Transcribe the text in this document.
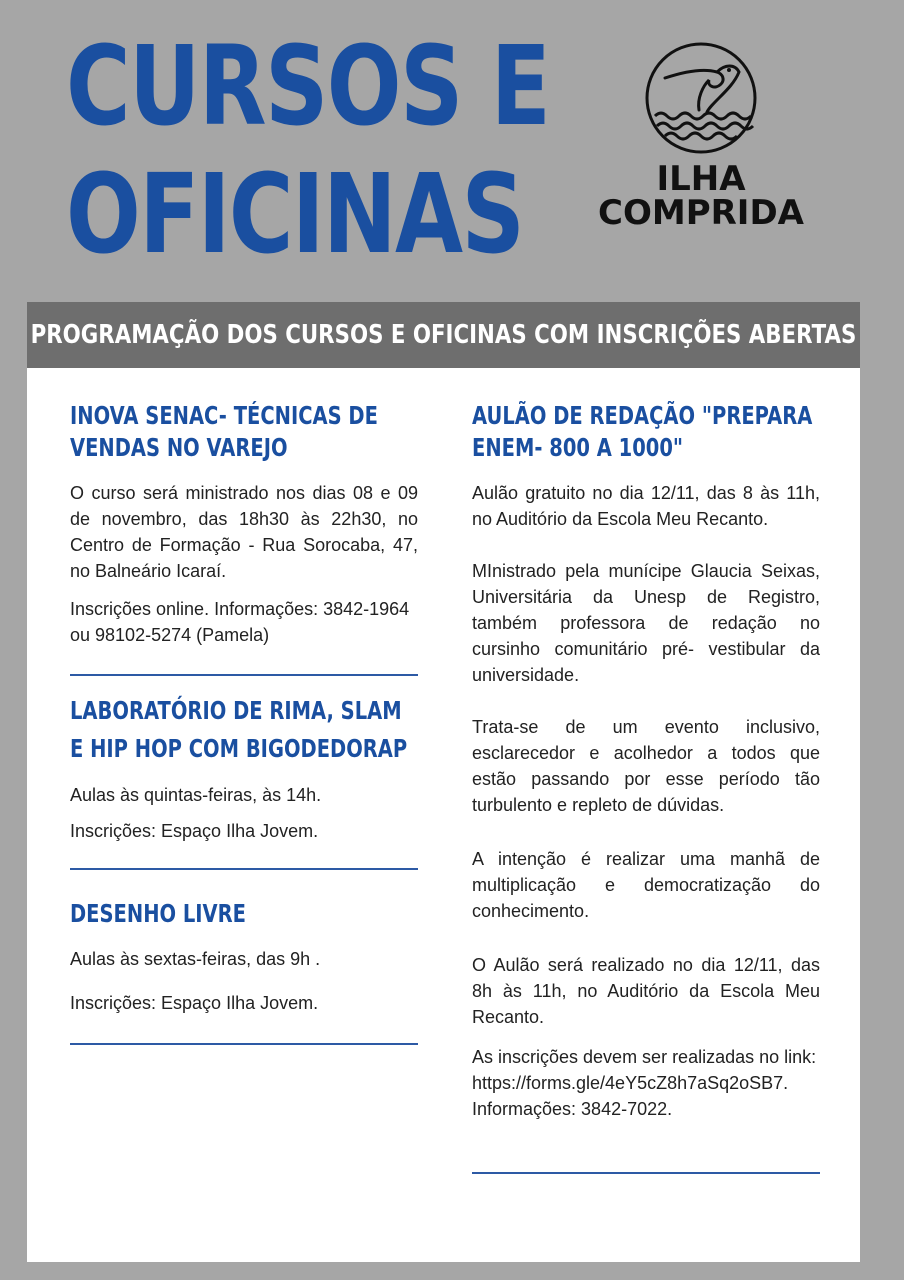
CURSOS E
OFICINAS	ILHA
COMPRIDA
PROGRAMAÇÃO DOS CURSOS E OFICINAS COM INSCRIÇÕES ABERTAS
INOVA SENAC- TÉCNICAS DE VENDAS NO VAREJO

O curso será ministrado nos dias 08 e 09 de novembro, das 18h30 às 22h30, no Centro de Formação - Rua Sorocaba, 47, no Balneário Icaraí.

Inscrições online. Informações: 3842-1964 ou 98102-5274 (Pamela)

LABORATÓRIO DE RIMA, SLAM E HIP HOP COM BIGODEDORAP

Aulas às quintas-feiras, às 14h.

Inscrições: Espaço Ilha Jovem.

DESENHO LIVRE

Aulas às sextas-feiras, das 9h .

Inscrições: Espaço Ilha Jovem.

AULÃO DE REDAÇÃO "PREPARA ENEM- 800 A 1000"

Aulão gratuito no dia 12/11, das 8 às 11h, no Auditório da Escola Meu Recanto.

MInistrado pela munícipe Glaucia Seixas, Universitária da Unesp de Registro, também professora de redação no cursinho comunitário pré- vestibular da universidade.

Trata-se de um evento inclusivo, esclarecedor e acolhedor a todos que estão passando por esse período tão turbulento e repleto de dúvidas.

A intenção é realizar uma manhã de multiplicação e democratização do conhecimento.

O Aulão será realizado no dia 12/11, das 8h às 11h, no Auditório da Escola Meu Recanto.

As inscrições devem ser realizadas no link:
https://forms.gle/4eY5cZ8h7aSq2oSB7.
Informações: 3842-7022.
